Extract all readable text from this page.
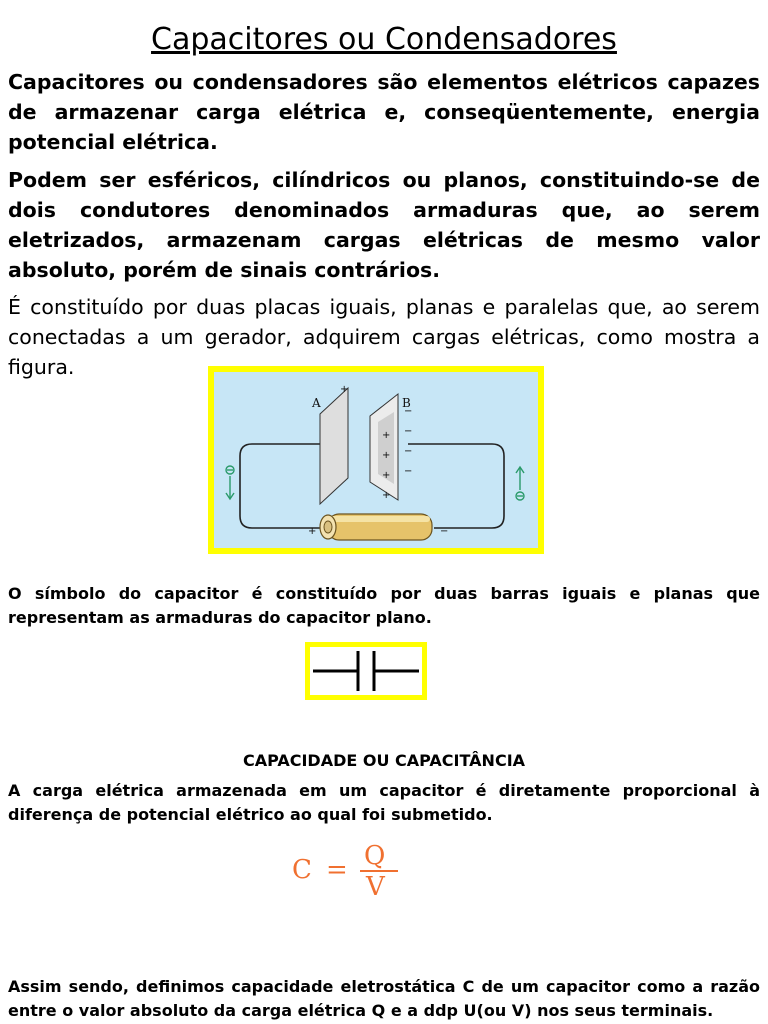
Capacitores ou Condensadores
Capacitores ou condensadores são elementos elétricos capazes de armazenar carga elétrica e, conseqüentemente, energia potencial elétrica.
Podem ser esféricos, cilíndricos ou planos, constituindo-se de dois condutores denominados armaduras que, ao serem eletrizados, armazenam cargas elétricas de mesmo valor absoluto, porém de sinais contrários.
É constituído por duas placas iguais, planas e paralelas que, ao serem conectadas a um gerador, adquirem cargas elétricas, como mostra a figura.
A	B
+
+
+
+
+
−
−
−
−
+	−
O símbolo do capacitor é constituído por duas barras iguais e planas que representam as armaduras do capacitor plano.
CAPACIDADE OU CAPACITÂNCIA
A carga elétrica armazenada em um capacitor é diretamente proporcional à diferença de potencial elétrico ao qual foi submetido.
C = Q
V
Assim sendo, definimos capacidade eletrostática C de um capacitor como a razão entre o valor absoluto da carga elétrica Q e a ddp U(ou V) nos seus terminais.
